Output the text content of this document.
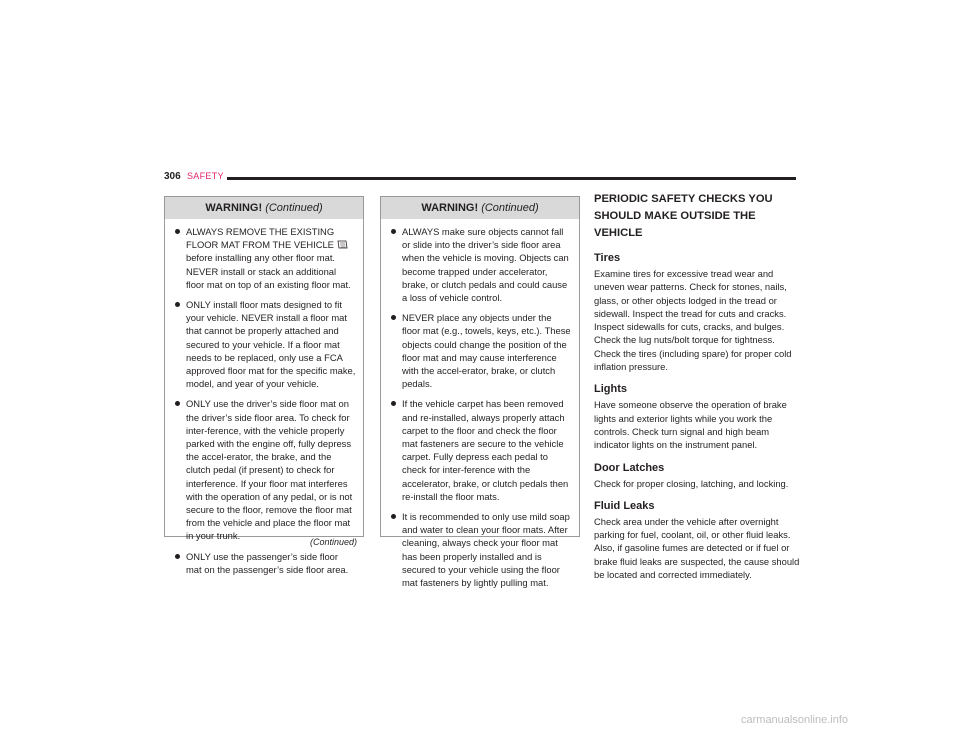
306 SAFETY
WARNING! (Continued)
ALWAYS REMOVE THE EXISTING FLOOR MAT FROM THE VEHICLE  before installing any other floor mat. NEVER install or stack an additional floor mat on top of an existing floor mat.
ONLY install floor mats designed to fit your vehicle. NEVER install a floor mat that cannot be properly attached and secured to your vehicle. If a floor mat needs to be replaced, only use a FCA approved floor mat for the specific make, model, and year of your vehicle.
ONLY use the driver’s side floor mat on the driver’s side floor area. To check for inter-ference, with the vehicle properly parked with the engine off, fully depress the accel-erator, the brake, and the clutch pedal (if present) to check for interference. If your floor mat interferes with the operation of any pedal, or is not secure to the floor, remove the floor mat from the vehicle and place the floor mat in your trunk.
ONLY use the passenger’s side floor mat on the passenger’s side floor area.
(Continued)
WARNING! (Continued)
ALWAYS make sure objects cannot fall or slide into the driver’s side floor area when the vehicle is moving. Objects can become trapped under accelerator, brake, or clutch pedals and could cause a loss of vehicle control.
NEVER place any objects under the floor mat (e.g., towels, keys, etc.). These objects could change the position of the floor mat and may cause interference with the accel-erator, brake, or clutch pedals.
If the vehicle carpet has been removed and re-installed, always properly attach carpet to the floor and check the floor mat fasteners are secure to the vehicle carpet. Fully depress each pedal to check for inter-ference with the accelerator, brake, or clutch pedals then re-install the floor mats.
It is recommended to only use mild soap and water to clean your floor mats. After cleaning, always check your floor mat has been properly installed and is secured to your vehicle using the floor mat fasteners by lightly pulling mat.
PERIODIC SAFETY CHECKS YOU SHOULD MAKE OUTSIDE THE VEHICLE
Tires

Examine tires for excessive tread wear and uneven wear patterns. Check for stones, nails, glass, or other objects lodged in the tread or sidewall. Inspect the tread for cuts and cracks. Inspect sidewalls for cuts, cracks, and bulges. Check the lug nuts/bolt torque for tightness. Check the tires (including spare) for proper cold inflation pressure.

Lights

Have someone observe the operation of brake lights and exterior lights while you work the controls. Check turn signal and high beam indicator lights on the instrument panel.

Door Latches

Check for proper closing, latching, and locking.

Fluid Leaks

Check area under the vehicle after overnight parking for fuel, coolant, oil, or other fluid leaks. Also, if gasoline fumes are detected or if fuel or brake fluid leaks are suspected, the cause should be located and corrected immediately.

carmanualsonline.info
